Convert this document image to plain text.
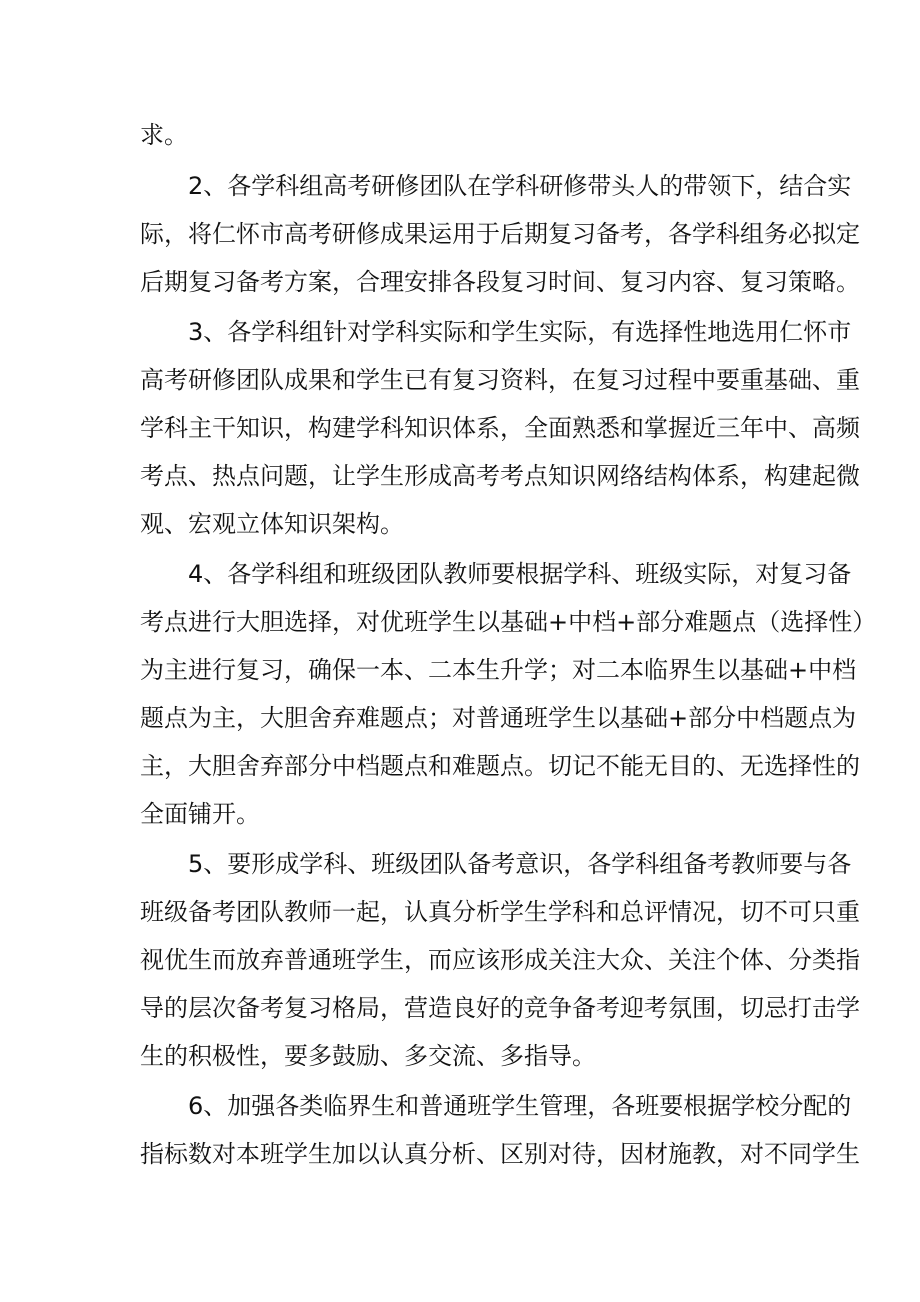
求。
2、各学科组高考研修团队在学科研修带头人的带领下，结合实
际，将仁怀市高考研修成果运用于后期复习备考，各学科组务必拟定
后期复习备考方案，合理安排各段复习时间、复习内容、复习策略。
3、各学科组针对学科实际和学生实际，有选择性地选用仁怀市
高考研修团队成果和学生已有复习资料，在复习过程中要重基础、重
学科主干知识，构建学科知识体系，全面熟悉和掌握近三年中、高频
考点、热点问题，让学生形成高考考点知识网络结构体系，构建起微
观、宏观立体知识架构。
4、各学科组和班级团队教师要根据学科、班级实际，对复习备
考点进行大胆选择，对优班学生以基础+中档+部分难题点（选择性）
为主进行复习，确保一本、二本生升学；对二本临界生以基础+中档
题点为主，大胆舍弃难题点；对普通班学生以基础+部分中档题点为
主，大胆舍弃部分中档题点和难题点。切记不能无目的、无选择性的
全面铺开。
5、要形成学科、班级团队备考意识，各学科组备考教师要与各
班级备考团队教师一起，认真分析学生学科和总评情况，切不可只重
视优生而放弃普通班学生，而应该形成关注大众、关注个体、分类指
导的层次备考复习格局，营造良好的竞争备考迎考氛围，切忌打击学
生的积极性，要多鼓励、多交流、多指导。
6、加强各类临界生和普通班学生管理，各班要根据学校分配的
指标数对本班学生加以认真分析、区别对待，因材施教，对不同学生
